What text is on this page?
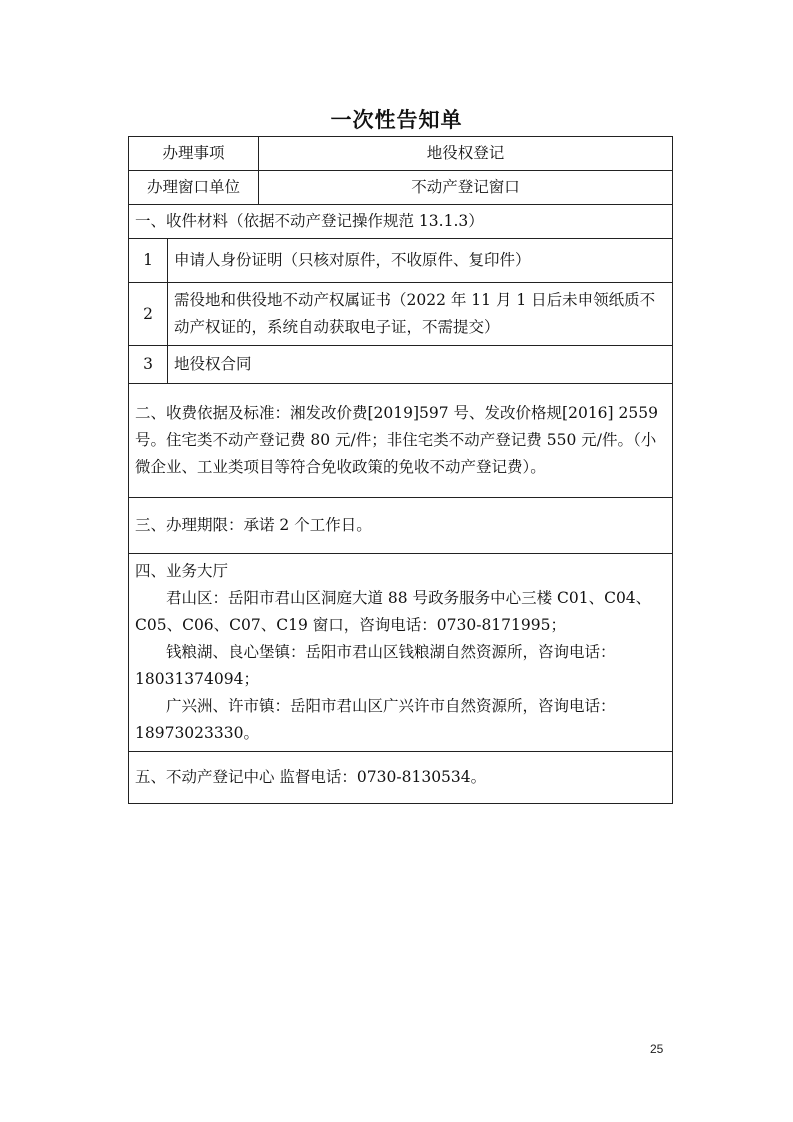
一次性告知单
办理事项		地役权登记
办理窗口单位		不动产登记窗口
一、收件材料（依据不动产登记操作规范 13.1.3）		
1	申请人身份证明（只核对原件，不收原件、复印件）	
2	需役地和供役地不动产权属证书（2022 年 11 月 1 日后未申领纸质不动产权证的，系统自动获取电子证，不需提交）	
3	地役权合同	
二、收费依据及标准：湘发改价费[2019]597 号、发改价格规[2016] 2559 号。住宅类不动产登记费 80 元/件；非住宅类不动产登记费 550 元/件。（小微企业、工业类项目等符合免收政策的免收不动产登记费）。		
三、办理期限：承诺 2 个工作日。		

四、业务大厅

君山区：岳阳市君山区洞庭大道 88 号政务服务中心三楼 C01、C04、C05、C06、C07、C19 窗口，咨询电话：0730-8171995；

钱粮湖、良心堡镇：岳阳市君山区钱粮湖自然资源所，咨询电话：18031374094；

广兴洲、许市镇：岳阳市君山区广兴许市自然资源所，咨询电话：18973023330。		

五、不动产登记中心 监督电话：0730-8130534。		
25
